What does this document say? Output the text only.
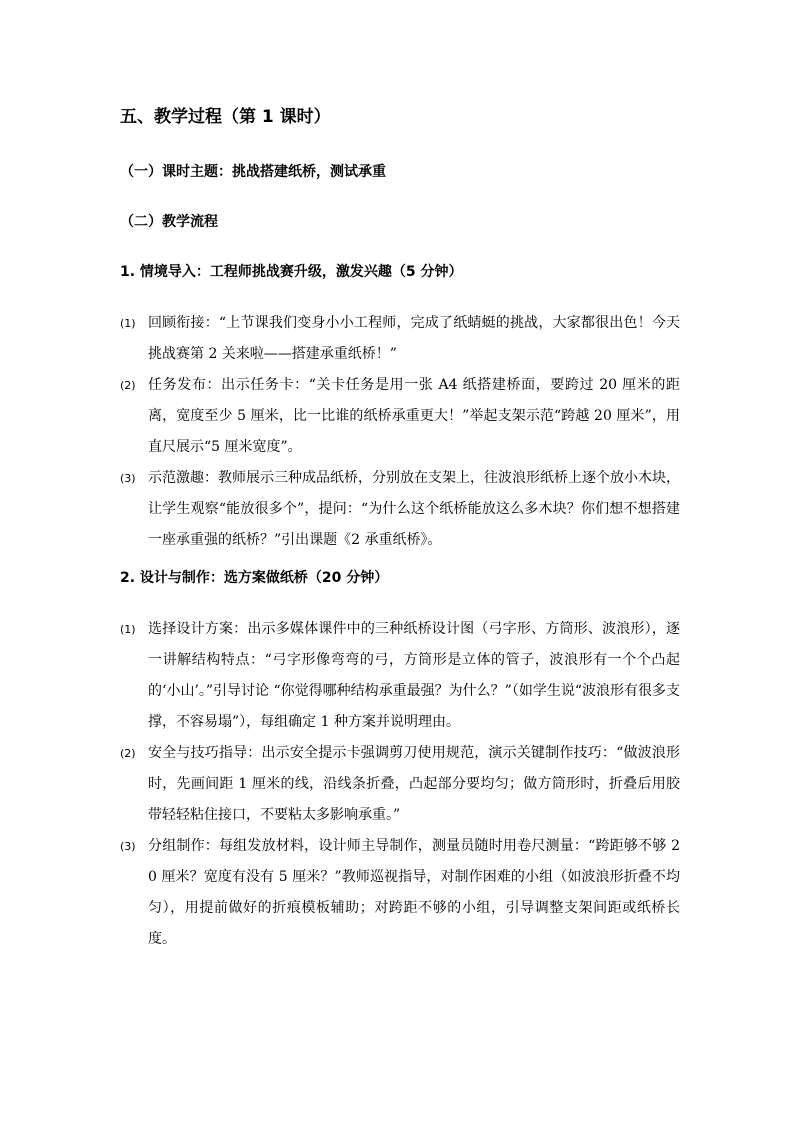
五、教学过程（第 1 课时）
（一）课时主题：挑战搭建纸桥，测试承重
（二）教学流程
1. 情境导入：工程师挑战赛升级，激发兴趣（5 分钟）
(1) 回顾衔接：“上节课我们变身小小工程师，完成了纸蜻蜓的挑战，大家都很出色！今天挑战赛第 2 关来啦——搭建承重纸桥！”
(2) 任务发布：出示任务卡：“关卡任务是用一张 A4 纸搭建桥面，要跨过 20 厘米的距离，宽度至少 5 厘米，比一比谁的纸桥承重更大！”举起支架示范“跨越 20 厘米”，用直尺展示“5 厘米宽度”。
(3) 示范激趣：教师展示三种成品纸桥，分别放在支架上，往波浪形纸桥上逐个放小木块，让学生观察“能放很多个”，提问：“为什么这个纸桥能放这么多木块？你们想不想搭建一座承重强的纸桥？”引出课题《2 承重纸桥》。
2. 设计与制作：选方案做纸桥（20 分钟）
(1) 选择设计方案：出示多媒体课件中的三种纸桥设计图（弓字形、方筒形、波浪形），逐一讲解结构特点：“弓字形像弯弯的弓，方筒形是立体的管子，波浪形有一个个凸起的‘小山’。”引导讨论 “你觉得哪种结构承重最强？为什么？”（如学生说“波浪形有很多支撑，不容易塌”），每组确定 1 种方案并说明理由。
(2) 安全与技巧指导：出示安全提示卡强调剪刀使用规范，演示关键制作技巧：“做波浪形时，先画间距 1 厘米的线，沿线条折叠，凸起部分要均匀；做方筒形时，折叠后用胶带轻轻粘住接口，不要粘太多影响承重。”
(3) 分组制作：每组发放材料，设计师主导制作，测量员随时用卷尺测量：“跨距够不够 20 厘米？宽度有没有 5 厘米？”教师巡视指导，对制作困难的小组（如波浪形折叠不均匀），用提前做好的折痕模板辅助；对跨距不够的小组，引导调整支架间距或纸桥长度。
